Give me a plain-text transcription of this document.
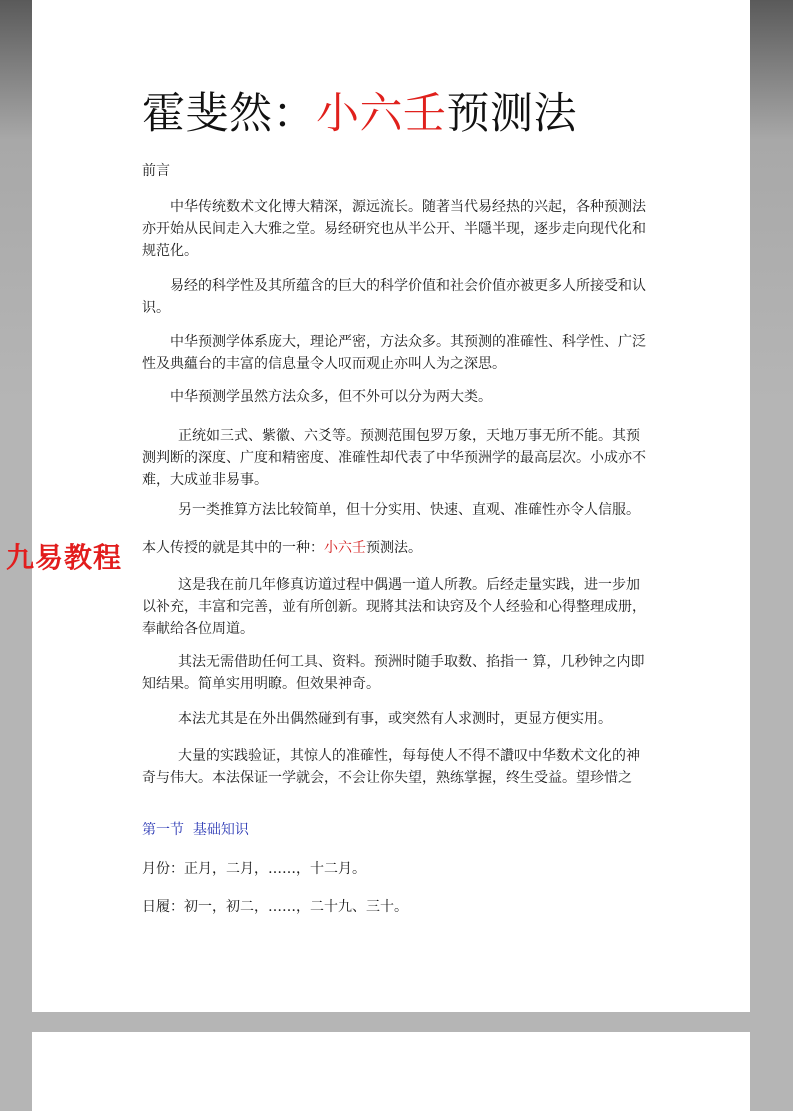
霍斐然：小六壬预测法
前言
中华传统数术文化博大精深，源远流长。随著当代易经热的兴起，各种预测法亦开始从民间走入大雅之堂。易经研究也从半公开、半隱半现，逐步走向现代化和规范化。
易经的科学性及其所蕴含的巨大的科学价值和社会价值亦被更多人所接受和认识。
中华预测学体系庞大，理论严密，方法众多。其预测的准確性、科学性、广泛性及典蘊台的丰富的信息量令人叹而观止亦叫人为之深思。
中华预测学虽然方法众多，但不外可以分为两大类。
正统如三式、紫徽、六爻等。预测范围包罗万象，天地万事无所不能。其预测判断的深度、广度和精密度、准確性却代表了中华预洲学的最高层次。小成亦不难，大成並非易事。
另一类推算方法比较简单，但十分实用、快速、直观、准確性亦令人信服。
本人传授的就是其中的一种：小六壬预测法。
这是我在前几年修真访道过程中偶遇一道人所教。后经走量实践，进一步加以补充，丰富和完善，並有所创新。现將其法和诀窍及个人经验和心得整理成册，奉献给各位周道。
其法无需借助任何工具、资料。预洲时随手取数、掐指一 算，几秒钟之内即知结果。简单实用明瞭。但效果神奇。
本法尤其是在外出偶然碰到有事，或突然有人求测时，更显方便实用。
大量的实践验证，其惊人的准確性，每每使人不得不讚叹中华数术文化的神奇与伟大。本法保证一学就会，不会让你失望，熟练掌握，终生受益。望珍惜之
第一节  基础知识
月份：正月，二月，……，十二月。
日履：初一，初二，……，二十九、三十。
九易教程
